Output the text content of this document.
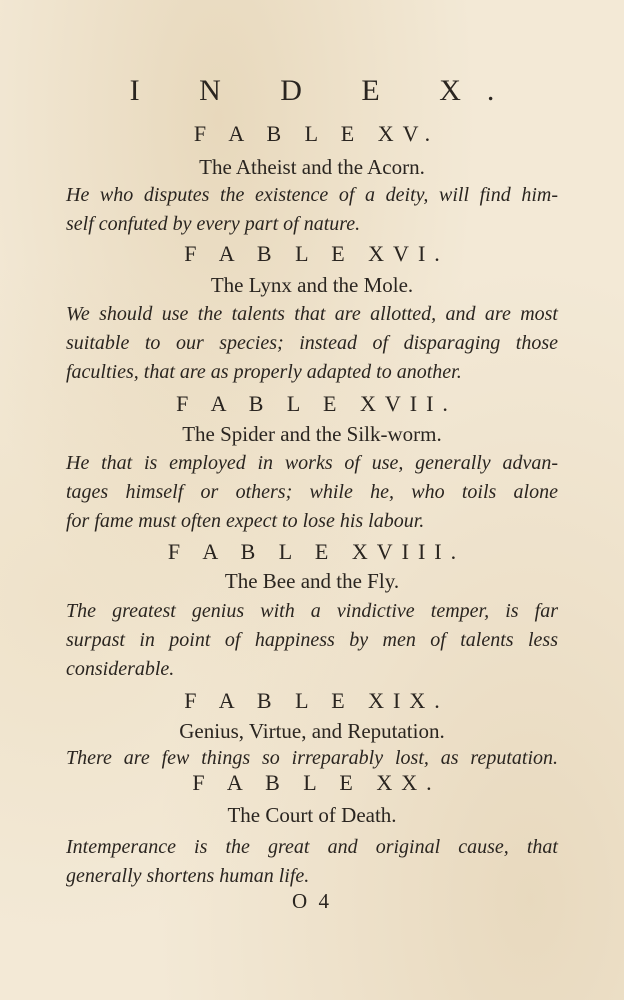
I N D E X.
F A B L E XV.
The Atheist and the Acorn.
He who disputes the existence of a deity, will find him-
self confuted by every part of nature.
F A B L E XVI.
The Lynx and the Mole.
We should use the talents that are allotted, and are most
suitable to our species; instead of disparaging those
faculties, that are as properly adapted to another.
F A B L E XVII.
The Spider and the Silk-worm.
He that is employed in works of use, generally advan-
tages himself or others; while he, who toils alone
for fame must often expect to lose his labour.
F A B L E XVIII.
The Bee and the Fly.
The greatest genius with a vindictive temper, is far
surpast in point of happiness by men of talents less
considerable.
F A B L E XIX.
Genius, Virtue, and Reputation.
There are few things so irreparably lost, as reputation.
F A B L E XX.
The Court of Death.
Intemperance is the great and original cause, that
generally shortens human life.
O 4
